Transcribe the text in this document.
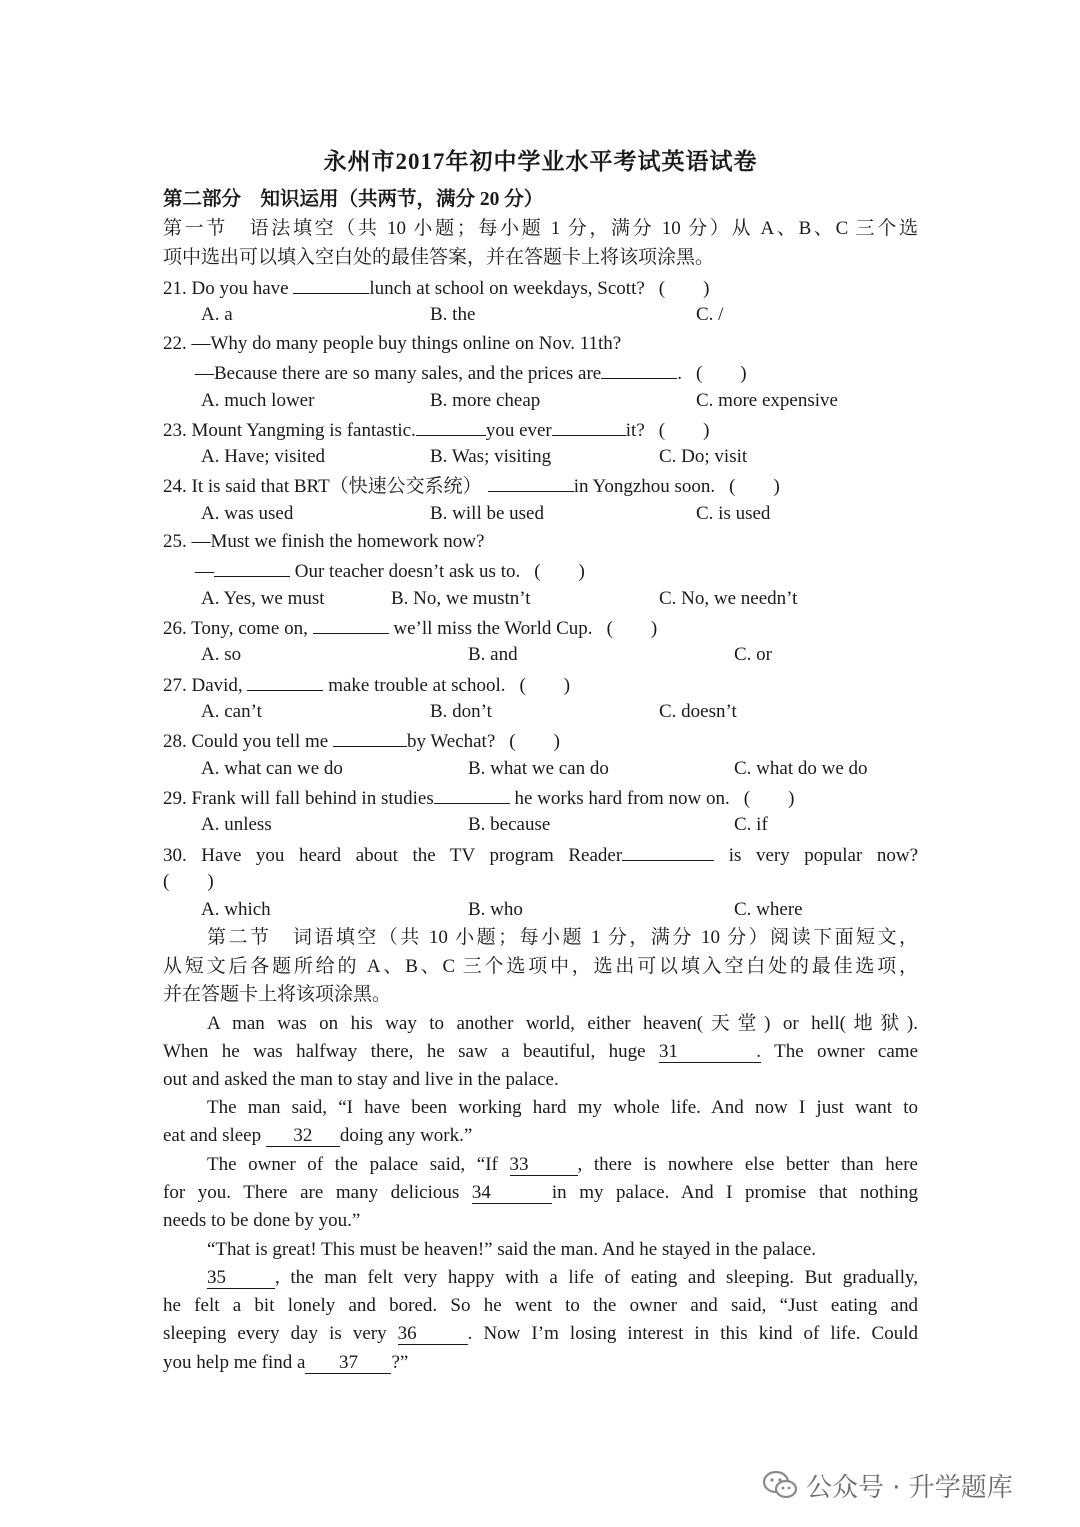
永州市2017年初中学业水平考试英语试卷
第二部分　知识运用（共两节，满分 20 分）
第一节　语法填空（共 10 小题；每小题 1 分，满分 10 分）从 A、B、C 三个选
项中选出可以填入空白处的最佳答案，并在答题卡上将该项涂黑。
21. Do you have	lunch at school on weekdays, Scott? (　　)
A. a	B. the	C. /
22. —Why do many people buy things online on Nov. 11th?
—Because there are so many sales, and the prices are	. (　　)
A. much lower	B. more cheap	C. more expensive
23. Mount Yangming is fantastic.	you ever	it? (　　)
A. Have; visited	B. Was; visiting	C. Do; visit
24. It is said that BRT（快速公交系统）	in Yongzhou soon. (　　)
A. was used	B. will be used	C. is used
25. —Must we finish the homework now?
—	Our teacher doesn’t ask us to. (　　)
A. Yes, we must	B. No, we mustn’t	C. No, we needn’t
26. Tony, come on,	we’ll miss the World Cup. (　　)
A. so	B. and	C. or
27. David,	make trouble at school. (　　)
A. can’t	B. don’t	C. doesn’t
28. Could you tell me	by Wechat? (　　)
A. what can we do	B. what we can do	C. what do we do
29. Frank will fall behind in studies	he works hard from now on. (　　)
A. unless	B. because	C. if
30. Have you heard about the TV program Reader	is very popular now?
(　　)
A. which	B. who	C. where
第二节　词语填空（共 10 小题；每小题 1 分，满分 10 分）阅读下面短文，
从短文后各题所给的 A、B、C 三个选项中，选出可以填入空白处的最佳选项，
并在答题卡上将该项涂黑。
A man was on his way to another world, either heaven(天堂) or hell(地狱).
When he was halfway there, he saw a beautiful, huge 31　. The owner came
out and asked the man to stay and live in the palace.
The man said, “I have been working hard my whole life. And now I just want to
eat and sleep 32 doing any work.”
The owner of the palace said, “If 33	, there is nowhere else better than here
for you. There are many delicious 34	in my palace. And I promise that nothing
needs to be done by you.”
“That is great! This must be heaven!” said the man. And he stayed in the palace.
35	, the man felt very happy with a life of eating and sleeping. But gradually,
he felt a bit lonely and bored. So he went to the owner and said, “Just eating and
sleeping every day is very 36	. Now I’m losing interest in this kind of life. Could
you help me find a 37 ?”
公众号 · 升学题库
